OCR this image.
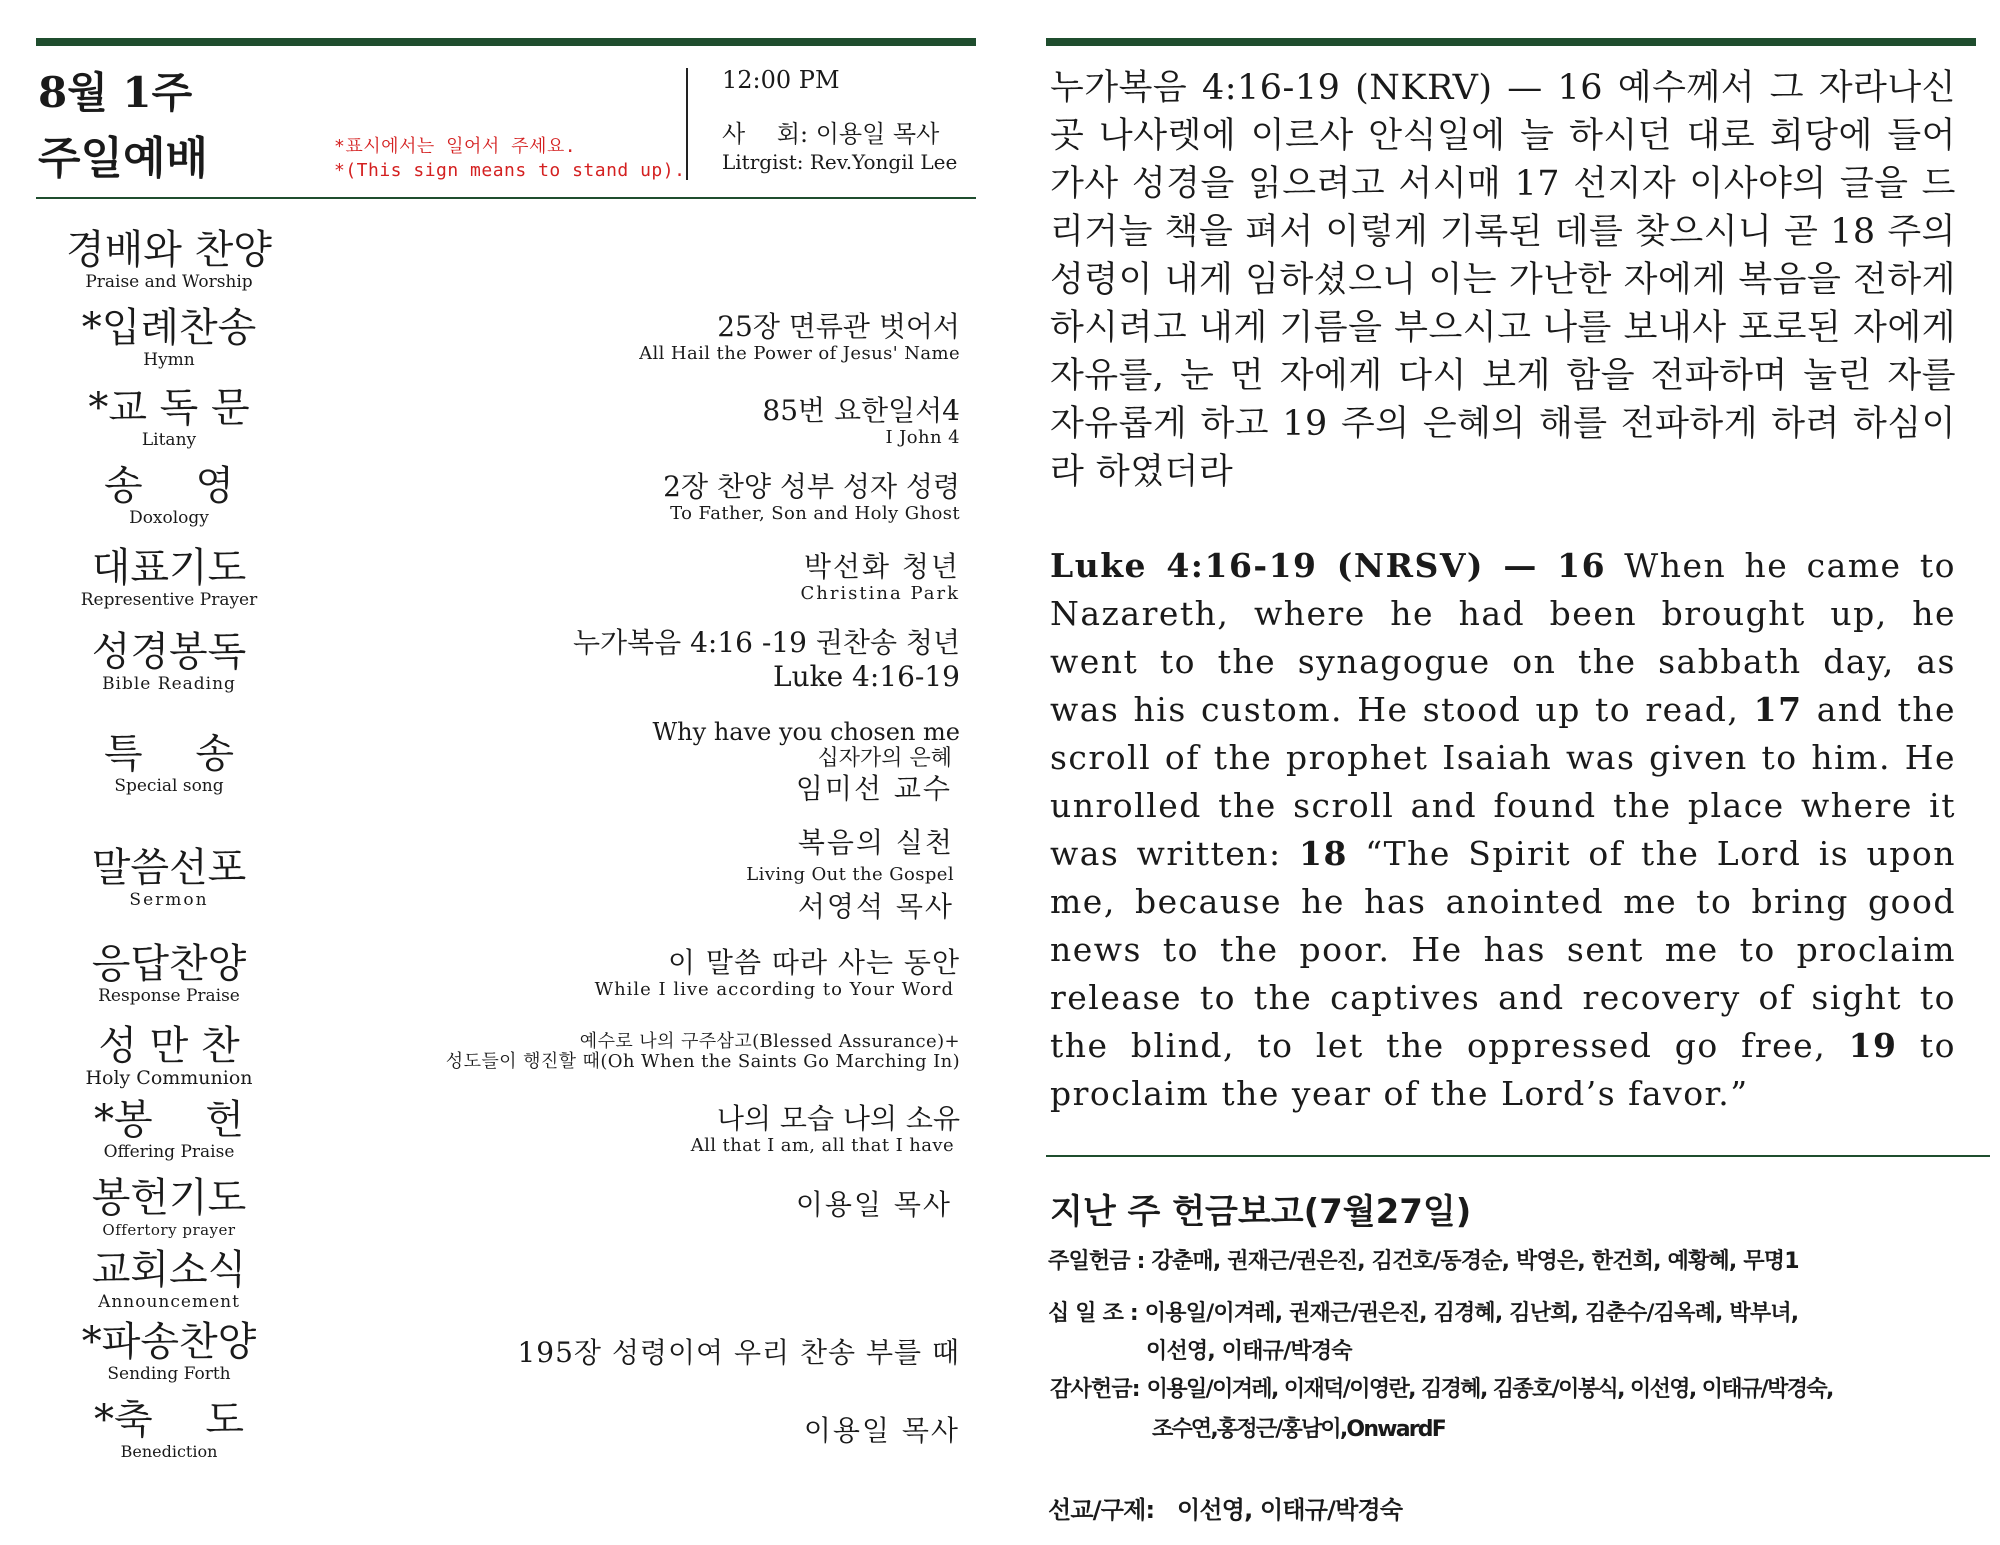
8월 1주
주일예배	*표시에서는 일어서 주세요.
*(This sign means to stand up).
12:00 PM
사　 회: 이용일 목사
Litrgist: Rev.Yongil Lee
경배와 찬양
Praise and Worship
*입례찬송
Hymn
*교 독 문
Litany
송　 영
Doxology
대표기도
Representive Prayer
성경봉독
Bible Reading
특　 송
Special song
말씀선포
Sermon
응답찬양
Response Praise
성 만 찬
Holy Communion
*봉　 헌
Offering Praise
봉헌기도
Offertory prayer
교회소식
Announcement
*파송찬양
Sending Forth
*축　 도
Benediction
25장 면류관 벗어서
All Hail the Power of Jesus' Name
85번 요한일서4
I John 4
2장 찬양 성부 성자 성령
To Father, Son and Holy Ghost
박선화 청년
Christina Park
누가복음 4:16 -19 권찬송 청년
Luke 4:16-19
Why have you chosen me
십자가의 은혜
임미선 교수
복음의 실천
Living Out the Gospel
서영석 목사
이 말씀 따라 사는 동안
While I live according to Your Word
예수로 나의 구주삼고(Blessed Assurance)+
성도들이 행진할 때(Oh When the Saints Go Marching In)
나의 모습 나의 소유
All that I am, all that I have
이용일 목사
195장 성령이여 우리 찬송 부를 때
이용일 목사
누가복음 4:16-19 (NKRV) — 16 예수께서 그 자라나신 곳 나사렛에 이르사 안식일에 늘 하시던 대로 회당에 들어가사 성경을 읽으려고 서시매 17 선지자 이사야의 글을 드리거늘 책을 펴서 이렇게 기록된 데를 찾으시니 곧 18 주의 성령이 내게 임하셨으니 이는 가난한 자에게 복음을 전하게 하시려고 내게 기름을 부으시고 나를 보내사 포로된 자에게 자유를, 눈 먼 자에게 다시 보게 함을 전파하며 눌린 자를 자유롭게 하고 19 주의 은혜의 해를 전파하게 하려 하심이라 하였더라
Luke 4:16-19 (NRSV) — 16 When he came to Nazareth, where he had been brought up, he went to the synagogue on the sabbath day, as was his custom. He stood up to read, 17 and the scroll of the prophet Isaiah was given to him. He unrolled the scroll and found the place where it was written: 18 “The Spirit of the Lord is upon me, because he has anointed me to bring good news to the poor. He has sent me to proclaim release to the captives and recovery of sight to the blind, to let the oppressed go free, 19 to proclaim the year of the Lord’s favor.”
지난 주 헌금보고(7월27일)
주일헌금 : 강춘매, 권재근/권은진, 김건호/동경순, 박영은, 한건희, 예황혜, 무명1
십 일 조 : 이용일/이겨레, 권재근/권은진, 김경혜, 김난희, 김춘수/김옥례, 박부녀,
이선영, 이태규/박경숙
감사헌금: 이용일/이겨레, 이재덕/이영란, 김경혜, 김종호/이봉식, 이선영, 이태규/박경숙,
조수연,홍정근/홍남이,OnwardF
선교/구제:   이선영, 이태규/박경숙
